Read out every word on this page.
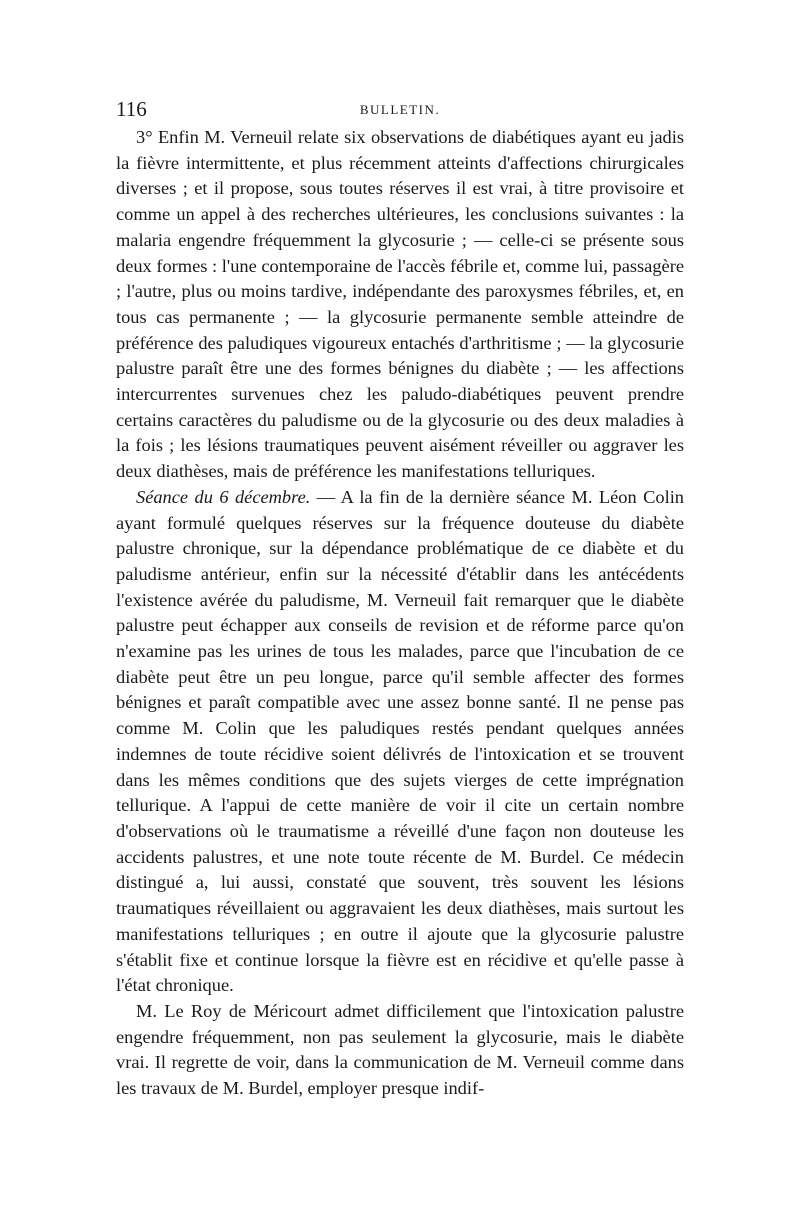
116	BULLETIN.

3° Enfin M. Verneuil relate six observations de diabétiques ayant eu jadis la fièvre intermittente, et plus récemment atteints d'affections chirurgicales diverses ; et il propose, sous toutes réserves il est vrai, à titre provisoire et comme un appel à des recherches ultérieures, les conclusions suivantes : la malaria engendre fréquemment la glycosurie ; — celle-ci se présente sous deux formes : l'une contemporaine de l'accès fébrile et, comme lui, passagère ; l'autre, plus ou moins tardive, indépendante des paroxysmes fébriles, et, en tous cas permanente ; — la glycosurie permanente semble atteindre de préférence des paludiques vigoureux entachés d'arthritisme ; — la glycosurie palustre paraît être une des formes bénignes du diabète ; — les affections intercurrentes survenues chez les paludo-diabétiques peuvent prendre certains caractères du paludisme ou de la glycosurie ou des deux maladies à la fois ; les lésions traumatiques peuvent aisément réveiller ou aggraver les deux diathèses, mais de préférence les manifestations telluriques.

Séance du 6 décembre. — A la fin de la dernière séance M. Léon Colin ayant formulé quelques réserves sur la fréquence douteuse du diabète palustre chronique, sur la dépendance problématique de ce diabète et du paludisme antérieur, enfin sur la nécessité d'établir dans les antécédents l'existence avérée du paludisme, M. Verneuil fait remarquer que le diabète palustre peut échapper aux conseils de revision et de réforme parce qu'on n'examine pas les urines de tous les malades, parce que l'incubation de ce diabète peut être un peu longue, parce qu'il semble affecter des formes bénignes et paraît compatible avec une assez bonne santé. Il ne pense pas comme M. Colin que les paludiques restés pendant quelques années indemnes de toute récidive soient délivrés de l'intoxication et se trouvent dans les mêmes conditions que des sujets vierges de cette imprégnation tellurique. A l'appui de cette manière de voir il cite un certain nombre d'observations où le traumatisme a réveillé d'une façon non douteuse les accidents palustres, et une note toute récente de M. Burdel. Ce médecin distingué a, lui aussi, constaté que souvent, très souvent les lésions traumatiques réveillaient ou aggravaient les deux diathèses, mais surtout les manifestations telluriques ; en outre il ajoute que la glycosurie palustre s'établit fixe et continue lorsque la fièvre est en récidive et qu'elle passe à l'état chronique.

M. Le Roy de Méricourt admet difficilement que l'intoxication palustre engendre fréquemment, non pas seulement la glycosurie, mais le diabète vrai. Il regrette de voir, dans la communication de M. Verneuil comme dans les travaux de M. Burdel, employer presque indif-
